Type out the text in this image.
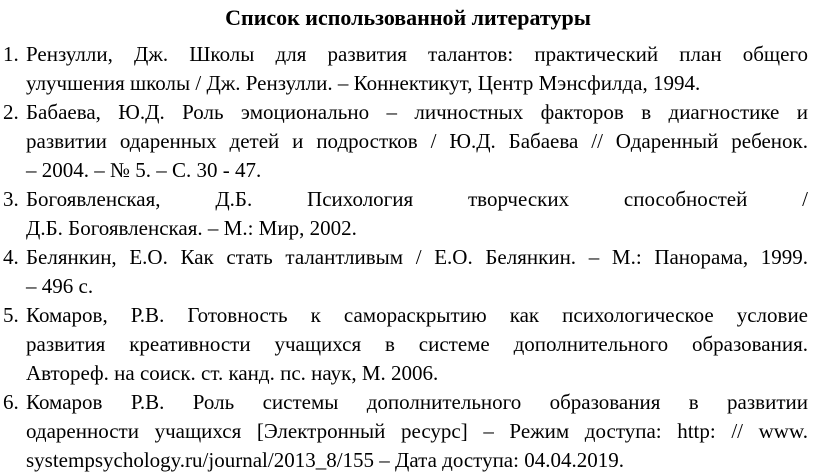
Список использованной литературы
1. Рензулли, Дж. Школы для развития талантов: практический план общего
улучшения школы / Дж. Рензулли. – Коннектикут, Центр Мэнсфилда, 1994.
2. Бабаева, Ю.Д. Роль эмоционально – личностных факторов в диагностике и
развитии одаренных детей и подростков / Ю.Д. Бабаева // Одаренный ребенок.
– 2004. – № 5. – С. 30 - 47.
3. Богоявленская, Д.Б. Психология творческих способностей /
Д.Б. Богоявленская. – М.: Мир, 2002.
4. Белянкин, Е.О. Как стать талантливым / Е.О. Белянкин. – М.: Панорама, 1999.
– 496 с.
5. Комаров, Р.В. Готовность к самораскрытию как психологическое условие
развития креативности учащихся в системе дополнительного образования.
Автореф. на соиск. ст. канд. пс. наук, М. 2006.
6. Комаров Р.В. Роль системы дополнительного образования в развитии
одаренности учащихся [Электронный ресурс] – Режим доступа: http: // www.
systempsychology.ru/journal/2013_8/155 – Дата доступа: 04.04.2019.
